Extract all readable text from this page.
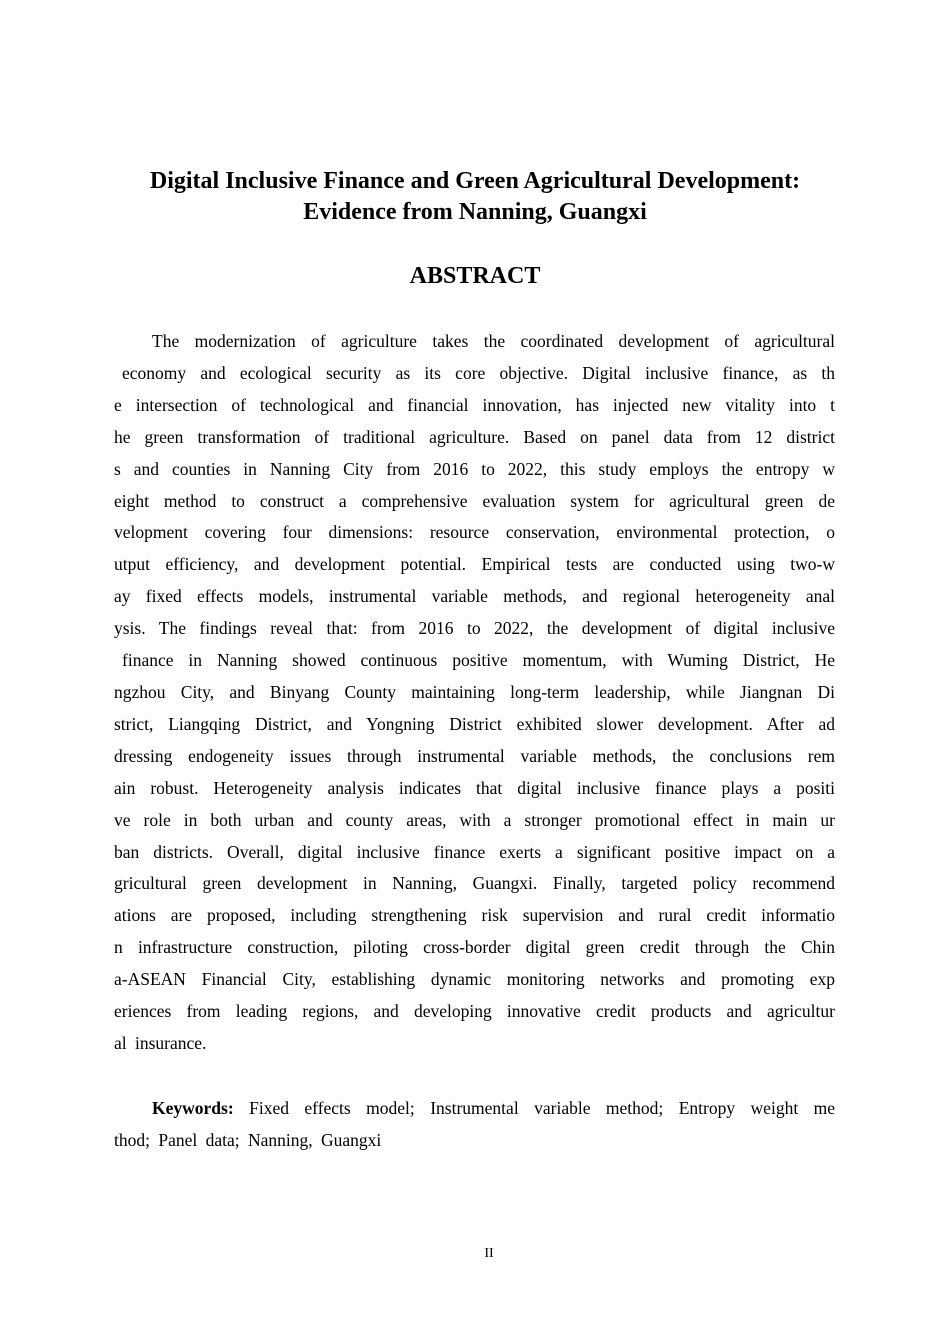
Digital Inclusive Finance and Green Agricultural Development:
Evidence from Nanning, Guangxi
ABSTRACT
The modernization of agriculture takes the coordinated development of agricultural
economy and ecological security as its core objective. Digital inclusive finance, as th
e intersection of technological and financial innovation, has injected new vitality into t
he green transformation of traditional agriculture. Based on panel data from 12 district
s and counties in Nanning City from 2016 to 2022, this study employs the entropy w
eight method to construct a comprehensive evaluation system for agricultural green de
velopment covering four dimensions: resource conservation, environmental protection, o
utput efficiency, and development potential. Empirical tests are conducted using two-w
ay fixed effects models, instrumental variable methods, and regional heterogeneity anal
ysis. The findings reveal that: from 2016 to 2022, the development of digital inclusive
finance in Nanning showed continuous positive momentum, with Wuming District, He
ngzhou City, and Binyang County maintaining long-term leadership, while Jiangnan Di
strict, Liangqing District, and Yongning District exhibited slower development. After ad
dressing endogeneity issues through instrumental variable methods, the conclusions rem
ain robust. Heterogeneity analysis indicates that digital inclusive finance plays a positi
ve role in both urban and county areas, with a stronger promotional effect in main ur
ban districts. Overall, digital inclusive finance exerts a significant positive impact on a
gricultural green development in Nanning, Guangxi. Finally, targeted policy recommend
ations are proposed, including strengthening risk supervision and rural credit informatio
n infrastructure construction, piloting cross-border digital green credit through the Chin
a-ASEAN Financial City, establishing dynamic monitoring networks and promoting exp
eriences from leading regions, and developing innovative credit products and agricultur
al insurance.
Keywords: Fixed effects model; Instrumental variable method; Entropy weight me
thod; Panel data; Nanning, Guangxi
II
